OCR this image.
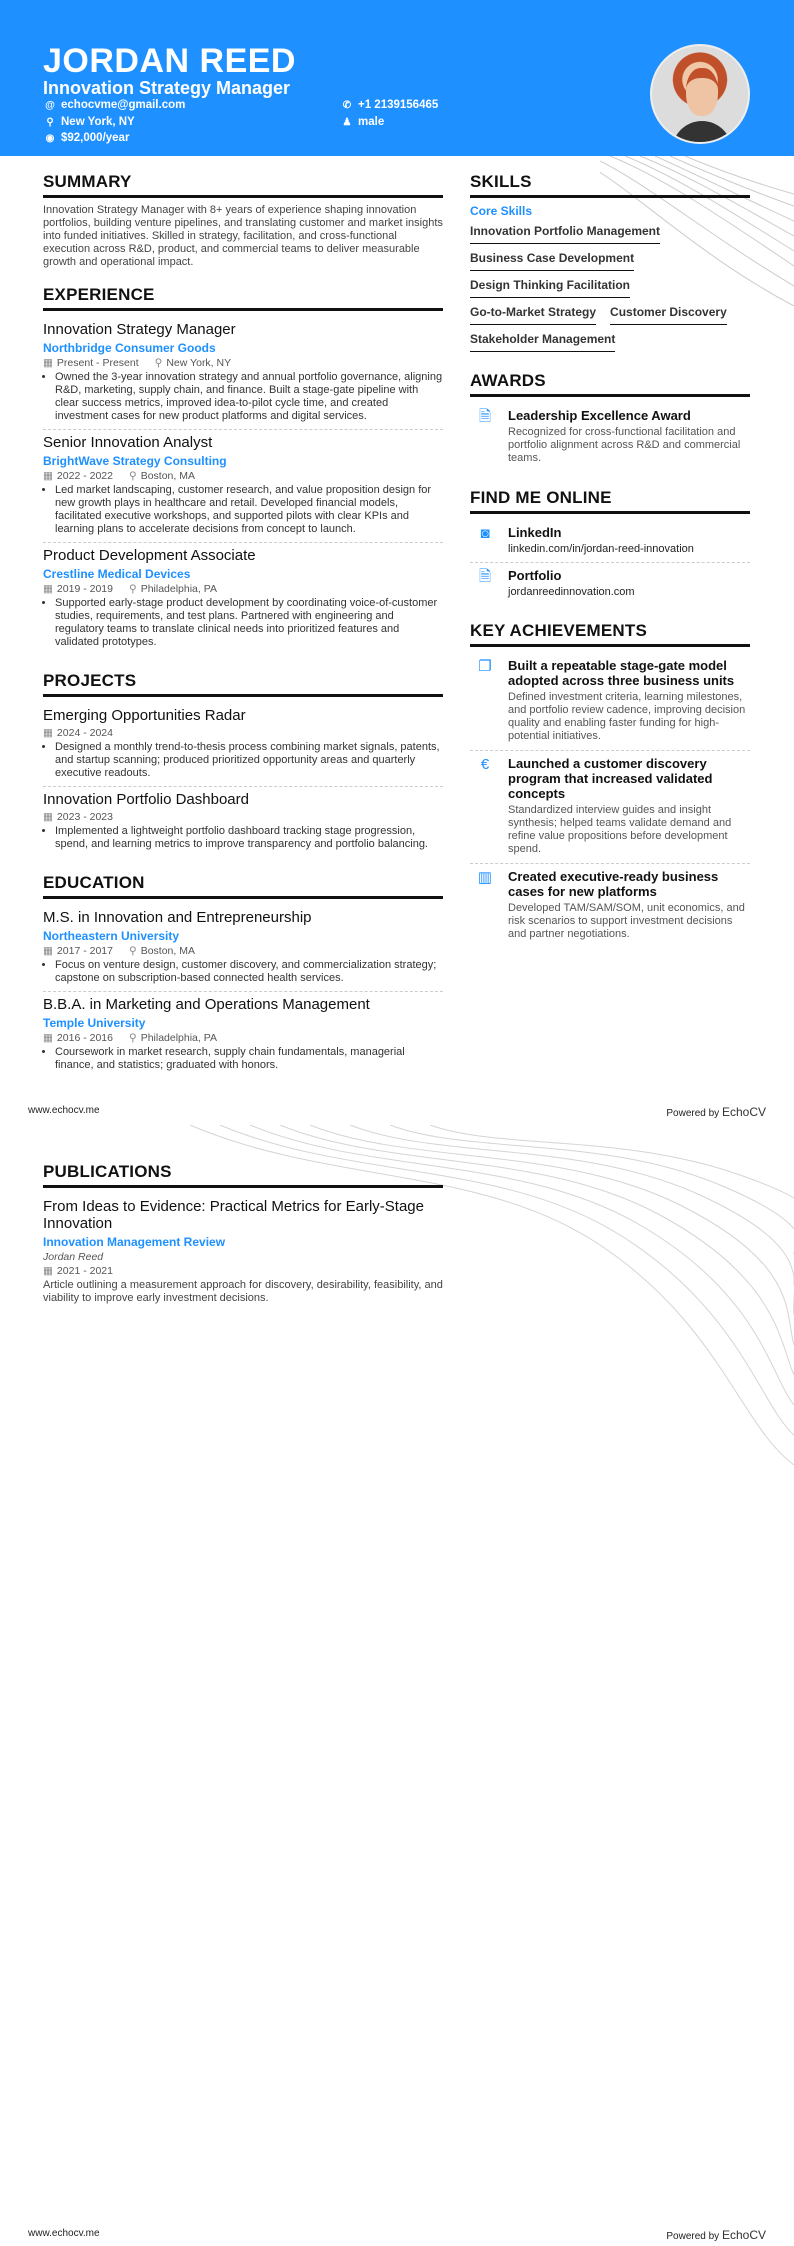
JORDAN REED
Innovation Strategy Manager
@ echocvme@gmail.com
⚲ New York, NY
◉ $92,000/year
✆ +1 2139156465
♟ male
SUMMARY

Innovation Strategy Manager with 8+ years of experience shaping innovation portfolios, building venture pipelines, and translating customer and market insights into funded initiatives. Skilled in strategy, facilitation, and cross-functional execution across R&D, product, and commercial teams to deliver measurable growth and operational impact.

EXPERIENCE
Innovation Strategy Manager
Northbridge Consumer Goods
▦ Present - Present ⚲ New York, NY
• Owned the 3-year innovation strategy and annual portfolio governance, aligning R&D, marketing, supply chain, and finance. Built a stage-gate pipeline with clear success metrics, improved idea-to-pilot cycle time, and created investment cases for new product platforms and digital services.
Senior Innovation Analyst
BrightWave Strategy Consulting
▦ 2022 - 2022 ⚲ Boston, MA
• Led market landscaping, customer research, and value proposition design for new growth plays in healthcare and retail. Developed financial models, facilitated executive workshops, and supported pilots with clear KPIs and learning plans to accelerate decisions from concept to launch.
Product Development Associate
Crestline Medical Devices
▦ 2019 - 2019 ⚲ Philadelphia, PA
• Supported early-stage product development by coordinating voice-of-customer studies, requirements, and test plans. Partnered with engineering and regulatory teams to translate clinical needs into prioritized features and validated prototypes.
PROJECTS
Emerging Opportunities Radar
▦ 2024 - 2024
• Designed a monthly trend-to-thesis process combining market signals, patents, and startup scanning; produced prioritized opportunity areas and quarterly executive readouts.
Innovation Portfolio Dashboard
▦ 2023 - 2023
• Implemented a lightweight portfolio dashboard tracking stage progression, spend, and learning metrics to improve transparency and portfolio balancing.
EDUCATION
M.S. in Innovation and Entrepreneurship
Northeastern University
▦ 2017 - 2017 ⚲ Boston, MA
• Focus on venture design, customer discovery, and commercialization strategy; capstone on subscription-based connected health services.
B.B.A. in Marketing and Operations Management
Temple University
▦ 2016 - 2016 ⚲ Philadelphia, PA
• Coursework in market research, supply chain fundamentals, managerial finance, and statistics; graduated with honors.
SKILLS
Core Skills
Innovation Portfolio Management
Business Case Development
Design Thinking Facilitation
Go-to-Market Strategy Customer Discovery
Stakeholder Management
AWARDS
🗎 Leadership Excellence Award
Recognized for cross-functional facilitation and portfolio alignment across R&D and commercial teams.
FIND ME ONLINE
◙	LinkedIn
linkedin.com/in/jordan-reed-innovation
🗎 Portfolio
jordanreedinnovation.com
KEY ACHIEVEMENTS
❐ Built a repeatable stage-gate model adopted across three business units
Defined investment criteria, learning milestones, and portfolio review cadence, improving decision quality and enabling faster funding for high-potential initiatives.
€	Launched a customer discovery program that increased validated concepts
Standardized interview guides and insight synthesis; helped teams validate demand and refine value propositions before development spend.
▥ Created executive-ready business cases for new platforms
Developed TAM/SAM/SOM, unit economics, and risk scenarios to support investment decisions and partner negotiations.
www.echocv.me	Powered by EchoCV
PUBLICATIONS
From Ideas to Evidence: Practical Metrics for Early-Stage Innovation
Innovation Management Review
Jordan Reed
▦ 2021 - 2021

Article outlining a measurement approach for discovery, desirability, feasibility, and viability to improve early investment decisions.

www.echocv.me	Powered by EchoCV
